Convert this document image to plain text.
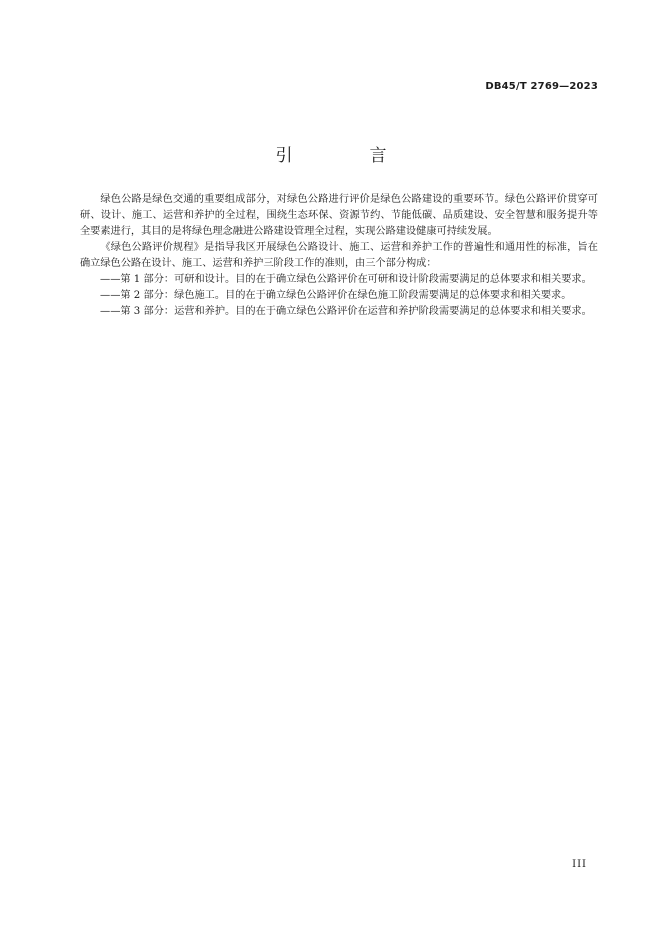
DB45/T 2769—2023
引　言

绿色公路是绿色交通的重要组成部分，对绿色公路进行评价是绿色公路建设的重要环节。绿色公路评价贯穿可研、设计、施工、运营和养护的全过程，围绕生态环保、资源节约、节能低碳、品质建设、安全智慧和服务提升等全要素进行，其目的是将绿色理念融进公路建设管理全过程，实现公路建设健康可持续发展。

《绿色公路评价规程》是指导我区开展绿色公路设计、施工、运营和养护工作的普遍性和通用性的标准，旨在确立绿色公路在设计、施工、运营和养护三阶段工作的准则，由三个部分构成：

——第 1 部分：可研和设计。目的在于确立绿色公路评价在可研和设计阶段需要满足的总体要求和相关要求。

——第 2 部分：绿色施工。目的在于确立绿色公路评价在绿色施工阶段需要满足的总体要求和相关要求。

——第 3 部分：运营和养护。目的在于确立绿色公路评价在运营和养护阶段需要满足的总体要求和相关要求。

III
